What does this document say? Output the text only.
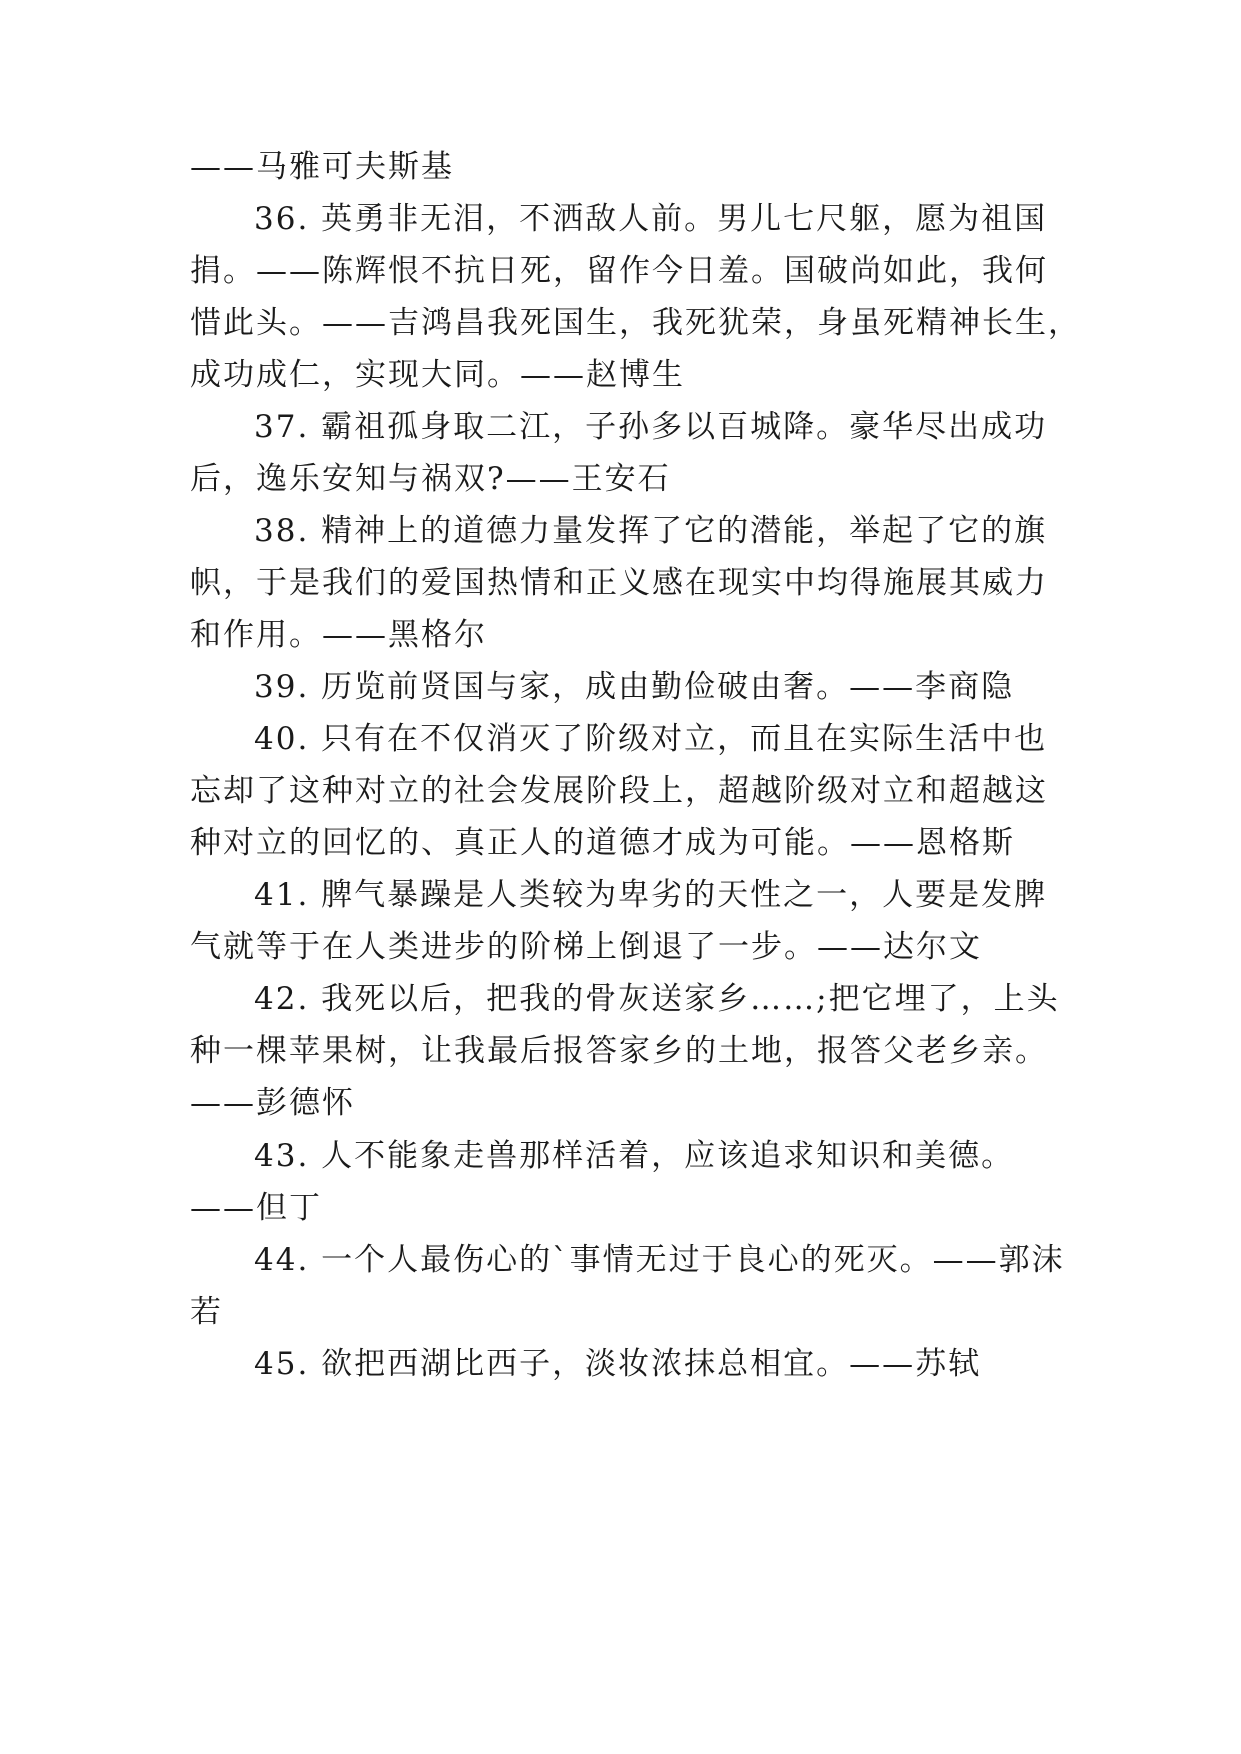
——马雅可夫斯基
36. 英勇非无泪，不洒敌人前。男儿七尺躯，愿为祖国
捐。——陈辉恨不抗日死，留作今日羞。国破尚如此，我何
惜此头。——吉鸿昌我死国生，我死犹荣，身虽死精神长生，
成功成仁，实现大同。——赵博生
37. 霸祖孤身取二江，子孙多以百城降。豪华尽出成功
后，逸乐安知与祸双?——王安石
38. 精神上的道德力量发挥了它的潜能，举起了它的旗
帜，于是我们的爱国热情和正义感在现实中均得施展其威力
和作用。——黑格尔
39. 历览前贤国与家，成由勤俭破由奢。——李商隐
40. 只有在不仅消灭了阶级对立，而且在实际生活中也
忘却了这种对立的社会发展阶段上，超越阶级对立和超越这
种对立的回忆的、真正人的道德才成为可能。——恩格斯
41. 脾气暴躁是人类较为卑劣的天性之一，人要是发脾
气就等于在人类进步的阶梯上倒退了一步。——达尔文
42. 我死以后，把我的骨灰送家乡……;把它埋了，上头
种一棵苹果树，让我最后报答家乡的土地，报答父老乡亲。
——彭德怀
43. 人不能象走兽那样活着，应该追求知识和美德。
——但丁
44. 一个人最伤心的`事情无过于良心的死灭。——郭沫
若
45. 欲把西湖比西子，淡妆浓抹总相宜。——苏轼
